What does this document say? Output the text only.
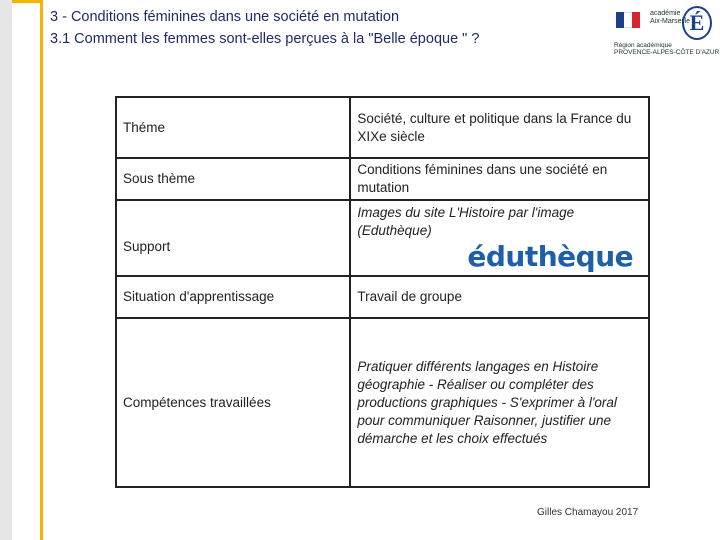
3 - Conditions féminines dans une société en mutation
3.1 Comment les femmes sont-elles perçues à la "Belle époque " ?
académie
Aix-Marseille É
Région académique
PROVENCE-ALPES-CÔTE D'AZUR
Théme	Société, culture et politique dans la France du XIXe siècle
Sous thème	Conditions féminines dans une société en mutation
Support	Images du site L'Histoire par l'image (Eduthèque)
éduthèque

Situation d'apprentissage	Travail de groupe
Compétences travaillées	Pratiquer différents langages en Histoire géographie - Réaliser ou compléter des productions graphiques - S'exprimer à l'oral pour communiquer Raisonner, justifier une démarche et les choix effectués
Gilles Chamayou 2017
